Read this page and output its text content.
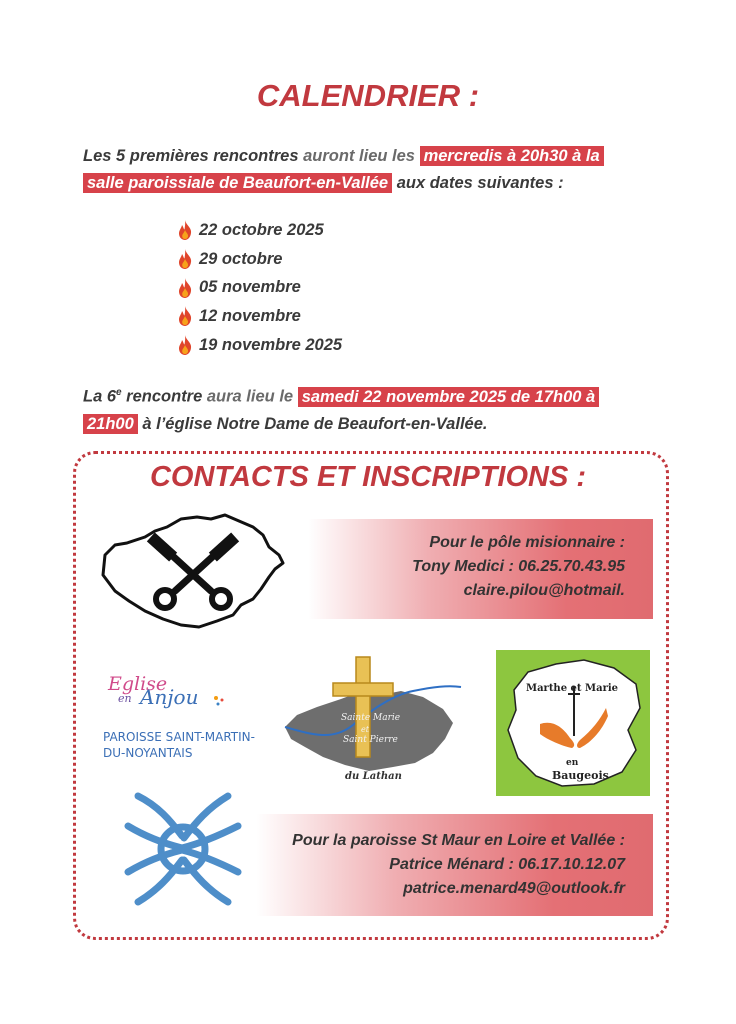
CALENDRIER :
Les 5 premières rencontres auront lieu les mercredis à 20h30 à la
salle paroissiale de Beaufort-en-Vallée aux dates suivantes :
22 octobre 2025
29 octobre
05 novembre
12 novembre
19 novembre 2025
La 6e rencontre aura lieu le samedi 22 novembre 2025 de 17h00 à
21h00 à l’église Notre Dame de Beaufort-en-Vallée.
CONTACTS ET INSCRIPTIONS :
Pour le pôle misionnaire :
Tony Medici : 06.25.70.43.95
claire.pilou@hotmail.
Eglise
en Anjou
PAROISSE SAINT-MARTIN-
DU-NOYANTAIS
Sainte Marie
et
Saint Pierre
du Lathan
Marthe et Marie
en
Baugeois
Pour la paroisse St Maur en Loire et Vallée :
Patrice Ménard : 06.17.10.12.07
patrice.menard49@outlook.fr
